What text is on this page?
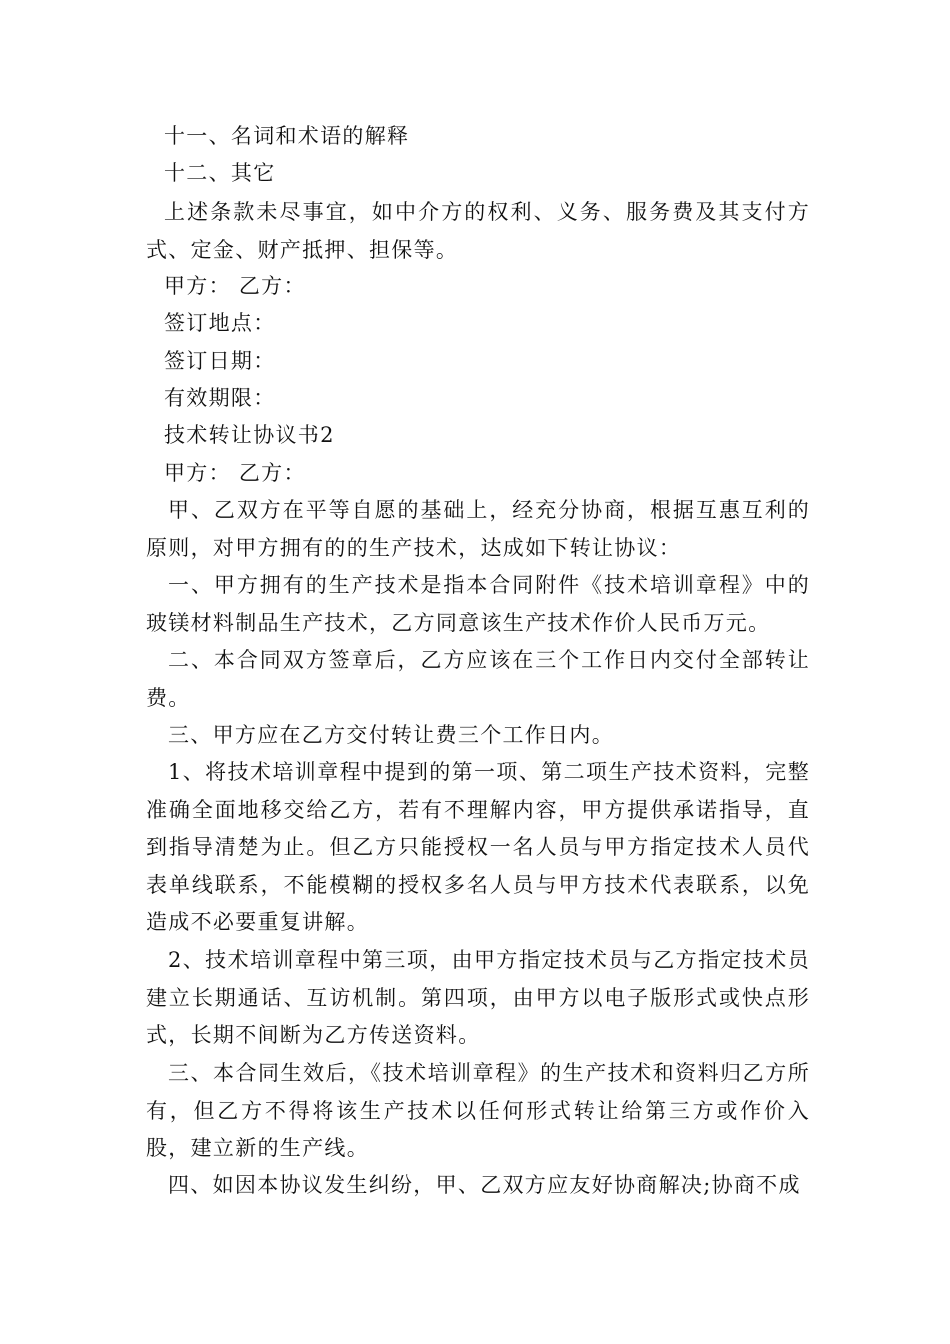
十一、名词和术语的解释

十二、其它

上述条款未尽事宜，如中介方的权利、义务、服务费及其支付方式、定金、财产抵押、担保等。

甲方： 乙方：

签订地点：

签订日期：

有效期限：

技术转让协议书2

甲方： 乙方：

甲、乙双方在平等自愿的基础上，经充分协商，根据互惠互利的原则，对甲方拥有的的生产技术，达成如下转让协议：

一、甲方拥有的生产技术是指本合同附件《技术培训章程》中的玻镁材料制品生产技术，乙方同意该生产技术作价人民币万元。

二、本合同双方签章后，乙方应该在三个工作日内交付全部转让费。

三、甲方应在乙方交付转让费三个工作日内。

1、将技术培训章程中提到的第一项、第二项生产技术资料，完整准确全面地移交给乙方，若有不理解内容，甲方提供承诺指导，直到指导清楚为止。但乙方只能授权一名人员与甲方指定技术人员代表单线联系，不能模糊的授权多名人员与甲方技术代表联系，以免造成不必要重复讲解。

2、技术培训章程中第三项，由甲方指定技术员与乙方指定技术员建立长期通话、互访机制。第四项，由甲方以电子版形式或快点形式，长期不间断为乙方传送资料。

三、本合同生效后，《技术培训章程》的生产技术和资料归乙方所有，但乙方不得将该生产技术以任何形式转让给第三方或作价入股，建立新的生产线。

四、如因本协议发生纠纷，甲、乙双方应友好协商解决;协商不成
